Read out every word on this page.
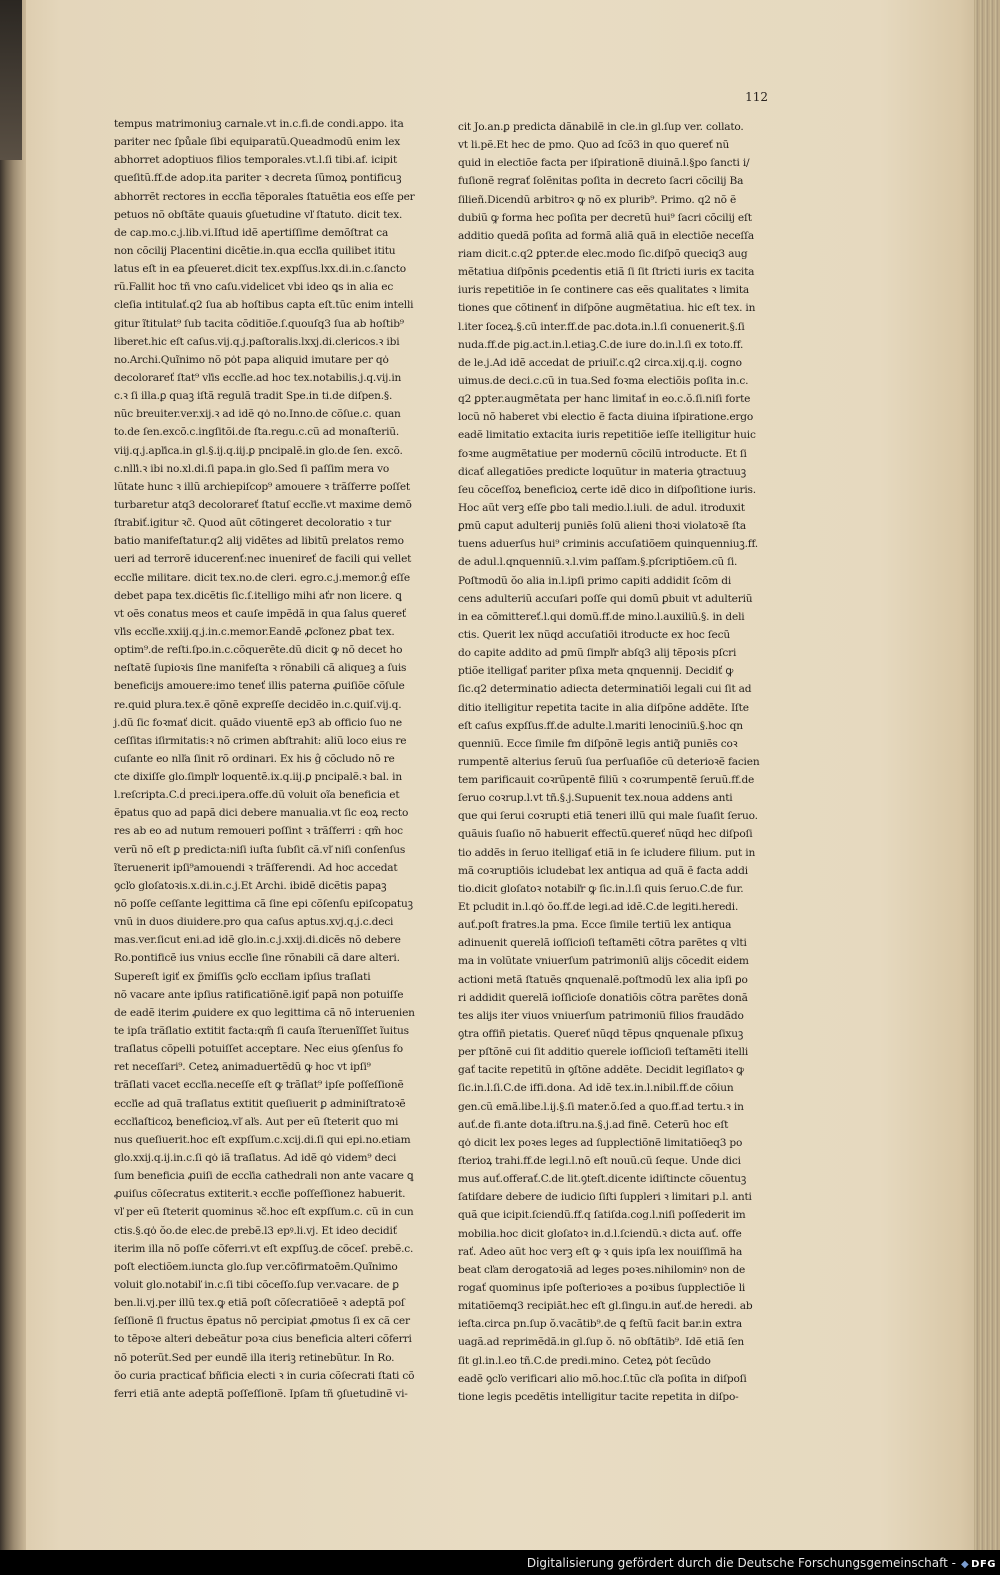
112
tempus matrimoniuꝫ carnale.vt in.c.fi.de condi.appo. ita
pariter nec ſpůale ſibi equiparatũ.Queadmodũ enim lex
abhorret adoptiuos filios temporales.vt.l.ſi tibi.af. icipit
queſitũ.ff.de adop.ita pariter ꝛ decreta ſũmoꝝ pontificuꝫ
abhorrẽt rectores in eccľia tẽporales ſtatuẽtia eos eſſe per
petuos nõ obſtãte quauis ꝯſuetudine vľ ſtatuto. dicit tex.
de cap.mo.c.j.lib.vi.Iſtud idẽ apertiſſime demõſtrat ca
non cõcilij Placentini dicẽtie.in.qua eccľia quilibet ititu
latus eſt in ea ꝑſeueret.dicit tex.expſſus.lxx.di.in.c.ſancto
rũ.Fallit hoc tñ vno caſu.videlicet vbi ideo ꝗs in alia ec
cleſia intitulať.q2 ſua ab hoſtibus capta eſt.tũc enim intelli
gitur ĩtitulat⁹ ſub tacita cõditiõe.ſ.quouſq3 ſua ab hoſtib⁹
liberet.hic eſt caſus.vij.q.j.paſtoralis.lxxj.di.clericos.ꝛ ibi
no.Archi.Quĩnimo nõ pȯt papa aliquid imutare per qȯ
decolorareť ſtat⁹ vľis eccľie.ad hoc tex.notabilis.j.q.vij.in
c.ꝛ ſi illa.ꝑ quaꝫ iſtã regulã tradit Spe.in ti.de diſpen.§.
nũc breuiter.ver.xij.ꝛ ad idẽ qȯ no.Inno.de cõſue.c. quan
to.de ſen.excõ.c.ingſitõi.de ſta.regu.c.cũ ad monaſteriũ.
viij.q.j.apľica.in gl.§.ij.q.iij.ꝑ pncipalẽ.in glo.de ſen. excõ.
c.nlľi.ꝛ ibi no.xl.di.ſi papa.in glo.Sed ſi paſſim mera vo
lũtate hunc ꝛ illũ archiepiſcop⁹ amouere ꝛ trãſferre poſſet
turbaretur atq3 decolorareť ſtatuſ eccľie.vt maxime demõ
ſtrabiť.igitur ꝛc̃. Quod aũt cõtingeret decoloratio ꝛ tur
batio manifeſtatur.q2 alij vidẽtes ad libitũ prelatos remo
ueri ad terrorẽ iducerenť:nec inuenireť de facili qui vellet
eccľie militare. dicit tex.no.de cleri. egro.c.j.memor.ĝ eſſe
debet papa tex.dicẽtis ſic.ſ.itelligo mihi aťr non licere. ꝗ
vt oẽs conatus meos et cauſe impẽdã in qua ſalus quereť
vľis eccľie.xxiij.q.j.in.c.memor.Eandẽ ꝓcľonez ꝑbat tex.
optim⁹.de reſti.ſpo.in.c.cõquerẽte.dũ dicit ꝙ nõ decet ho
neſtatẽ ſupioꝛis ſine manifeſta ꝛ rõnabili cã aliqueꝫ a ſuis
beneficijs amouere:imo teneť illis paterna ꝓuiſiõe cõſule
re.quid plura.tex.ẽ qõnẽ expreſſe decidẽo in.c.ꝗuiſ.vij.q.
j.dũ ſic foꝛmať dicit. quãdo viuentẽ ep3 ab officio ſuo ne
ceſſitas iſirmitatis:ꝛ nõ crimen abſtrahit: aliũ loco eius re
cuſante eo nlľa ſinit rõ ordinari. Ex his ĝ cõcludo nõ re
cte dixiſſe glo.ſimpľr loquentẽ.ix.q.iij.ꝑ pncipalẽ.ꝛ bal. in
l.reſcripta.C.ḋ preci.ipera.offe.dũ voluit oĩa beneficia et
ẽpatus quo ad papã dici debere manualia.vt ſic eoꝝ recto
res ab eo ad nutum remoueri poſſint ꝛ trãſferri : qm̃ hoc
verũ nõ eſt ꝑ predicta:niſi iuſta ſubſit cã.vľ niſi conſenſus
ĩteruenerit ipſi⁹amouendi ꝛ trãſferendi. Ad hoc accedat
ꝯcľo gloſatoꝛis.x.di.in.c.j.Et Archi. ibidẽ dicẽtis papaꝫ
nõ poſſe ceſſante legittima cã ſine epi cõſenſu epiſcopatuꝫ
vnũ in duos diuidere.pro qua caſus aptus.xvj.q.j.c.deci
mas.ver.ſicut eni.ad idẽ glo.in.c.j.xxij.di.dicẽs nõ debere
Ro.pontificẽ ius vnius eccľie ſine rõnabili cã dare alteri.
Supereſt igiť ex p̃miſſis ꝯcľo eccľiam ipſius traſlati
nõ vacare ante ipſius ratificatiõnẽ.igiť papã non potuiſſe
de eadẽ iterim ꝓuidere ex quo legittima cã nõ interuenien
te ipſa trãſlatio extitit facta:qm̃ ſi cauſa ĩteruenĩſſet ĩuitus
traſlatus cõpelli potuiſſet acceptare. Nec eius ꝯſenſus fo
ret neceſſari⁹. Ceteꝝ animaduertẽdũ ꝙ hoc vt ipſi⁹
trãſlati vacet eccľia.neceſſe eſt ꝙ trãſlat⁹ ipſe poſſeſſionẽ
eccľie ad quã traſlatus extitit queſiuerit ꝑ adminiſtratoꝛẽ
eccľiaſticoꝝ beneficioꝝ.vľ aľs. Aut per eũ ſteterit quo mi
nus queſiuerit.hoc eſt expſſum.c.xcij.di.ſi qui epi.no.etiam
glo.xxij.q.ij.in.c.ſi qȯ iã traſlatus. Ad idẽ qȯ videm⁹ deci
ſum beneficia ꝓuiſi de eccľia cathedrali non ante vacare ꝗ
ꝓuiſus cõſecratus extiterit.ꝛ eccľie poſſeſſionez habuerit.
vľ per eũ ſteterit quominus ꝛc̃.hoc eſt expſſum.c. cũ in cun
ctis.§.qȯ ŏo.de elec.de prebẽ.l3 epꝰ.li.vj. Et ideo decidiť
iterim illa nõ poſſe cõferri.vt eſt expſſuꝫ.de cõceſ. prebẽ.c.
poſt electiõem.iuncta glo.ſup ver.cõfirmatoẽm.Quĩnimo
voluit glo.notabiľ in.c.ſi tibi cõceſſo.ſup ver.vacare. de ꝑ
ben.li.vj.per illũ tex.ꝙ etiã poſt cõſecratiõeẽ ꝛ adeptã poſ
ſeſſionẽ ſi fructus ẽpatus nõ percipiat ꝓmotus ſi ex cã cer
to tẽpoꝛe alteri debeãtur poꝛa cius beneficia alteri cõferri
nõ poterũt.Sed per eundẽ illa iteriꝫ retinebũtur. In Ro.
ŏo curia practicať bñficia electi ꝛ in curia cõſecrati ſtati cõ
ferri etiã ante adeptã poſſeſſionẽ. Ipſam tñ ꝯſuetudinẽ vi-
cit Jo.an.ꝑ predicta dãnabilẽ in cle.in gl.ſup ver. collato.
vt li.pẽ.Et hec de pmo. Quo ad ſcõ3 in quo quereť nũ
quid in electiõe facta per iſpirationẽ diuinã.l.§po ſancti i/
fuſionẽ regrať ſolẽnitas poſita in decreto ſacri cõcilij Ba
ſilieñ.Dicendũ arbitroꝛ ꝙ nõ ex plurib⁹. Primo. q2 nõ ẽ
dubiũ ꝙ forma hec poſita per decretũ hui⁹ ſacri cõcilij eſt
additio quedã poſita ad formã aliã quã in electiõe neceſſa
riam dicit.c.q2 ꝑpter.de elec.modo ſic.diſpõ queciq3 aug
mẽtatiua diſpõnis ꝑcedentis etiã ſi ſit ſtricti iuris ex tacita
iuris repetitiõe in ſe continere cas eẽs qualitates ꝛ limita
tiones que cõtinenť in diſpõne augmẽtatiua. hic eſt tex. in
l.iter ſoceꝝ.§.cũ inter.ff.de pac.dota.in.l.ſi conuenerit.§.ſi
nuda.ff.de pig.act.in.l.etiaꝫ.C.de iure do.in.l.ſi ex toto.ff.
de le.j.Ad idẽ accedat de priuiľ.c.q2 circa.xij.q.ij. cogno
uimus.de deci.c.cũ in tua.Sed foꝛma electiõis poſita in.c.
q2 ꝑpter.augmẽtata per hanc limitať in eo.c.ŏ.ſi.niſi forte
locũ nõ haberet vbi electio ẽ facta diuina iſpiratione.ergo
eadẽ limitatio extacita iuris repetitiõe ieſſe itelligitur huic
foꝛme augmẽtatiue per modernũ cõcilũ introducte. Et ſi
dicať allegatiões predicte loquũtur in materia ꝯtractuuꝫ
ſeu cõceſſoꝝ beneficioꝝ certe idẽ dico in diſpoſitione iuris.
Hoc aũt verꝫ eſſe ꝑbo tali medio.l.iuli. de adul. itroduxit
ꝑmũ caput adulterij puniẽs ſolũ alieni thoꝛi violatoꝛẽ ſta
tuens aduerſus hui⁹ criminis accuſatiõem quinquenniuꝫ.ff.
de adul.l.qnquenniũ.ꝛ.l.vim paſſam.§.pſcriptiõem.cũ ſi.
Poſtmodũ ŏo alia in.l.ipſi primo capiti addidit ſcõm di
cens adulteriũ accuſari poſſe qui domũ ꝑbuit vt adulteriũ
in ea cõmittereť.l.qui domũ.ff.de mino.l.auxiliũ.§. in deli
ctis. Querit lex nũqd accuſatiõi itroducte ex hoc ſecũ
do capite addito ad ꝑmũ ſimpľr abſq3 alij tẽpoꝛis pſcri
ptiõe itelligať pariter pſixa meta qnquennij. Decidiť ꝙ
ſic.q2 determinatio adiecta determinatiõi legali cui ſit ad
ditio itelligitur repetita tacite in alia diſpõne addẽte. Iſte
eſt caſus expſſus.ff.de adulte.l.mariti lenociniũ.§.hoc qn
quenniũ. Ecce ſimile fm diſpõnẽ legis antiq̃ puniẽs coꝛ
rumpentẽ alterius ſeruũ ſua perſuaſiõe cũ deterioꝛẽ facien
tem parificauit coꝛrũpentẽ filiũ ꝛ coꝛrumpentẽ ſeruũ.ff.de
ſeruo coꝛrup.l.vt tñ.§.j.Supuenit tex.noua addens anti
que qui ſerui coꝛrupti etiã teneri illũ qui male ſuaſit ſeruo.
quãuis ſuaſio nõ habuerit effectũ.quereť nũqd hec diſpoſi
tio addẽs in ſeruo itelligať etiã in ſe icludere filium. put in
mã coꝛruptiõis icludebat lex antiqua ad quã ẽ facta addi
tio.dicit gloſatoꝛ notabiľr ꝙ ſic.in.l.ſi quis ſeruo.C.de fur.
Et pcludit in.l.qȯ ŏo.ff.de legi.ad idẽ.C.de legiti.heredi.
auť.poſt fratres.la pma. Ecce ſimile tertiũ lex antiqua
adinuenit querelã ioſſicioſi teſtamẽti cõtra parẽtes q vlti
ma in volũtate vniuerſum patrimoniũ alijs cõcedit eidem
actioni metã ſtatuẽs qnquenalẽ.poſtmodũ lex alia ipſi ꝑo
ri addidit querelã ioſſicioſe donatiõis cõtra parẽtes donã
tes alijs iter viuos vniuerſum patrimoniũ filios fraudãdo
ꝯtra offiñ pietatis. Quereť nũqd tẽpus qnquenale pſixuꝫ
per pſtõnẽ cui ſit additio querele ioſſicioſi teſtamẽti itelli
gať tacite repetitũ in ꝯſtõne addẽte. Decidit legiſlatoꝛ ꝙ
ſic.in.l.ſi.C.de iffi.dona. Ad idẽ tex.in.l.nibil.ff.de cõiun
gen.cũ emã.libe.l.ij.§.ſi mater.ŏ.ſed a quo.ff.ad tertu.ꝛ in
auť.de fi.ante dota.iſtru.na.§.j.ad finẽ. Ceterũ hoc eſt
qȯ dicit lex poꝛes leges ad ſupplectiõnẽ limitatiõeq3 po
ſterioꝝ trahi.ff.de legi.l.nõ eſt nouũ.cũ ſeque. Unde dici
mus auť.offerať.C.de lit.ꝯteſt.dicente idiſtincte cõuentuꝫ
ſatiſdare debere de iudicio ſiſti ſuppleri ꝛ limitari p.l. anti
quã que icipit.ſciendũ.ff.q ſatiſda.cog.l.niſi poſſederit im
mobilia.hoc dicit gloſatoꝛ in.d.l.ſciendũ.ꝛ dicta auť. offe
rať. Adeo aũt hoc verꝫ eſt ꝙ ꝛ ꝗuis ipſa lex nouiſſimã ha
beat cľam derogatoꝛiã ad leges poꝛes.nihilominꝰ non de
rogať quominus ipſe poſterioꝛes a poꝛibus ſupplectiõe li
mitatiõemq3 recipiãt.hec eſt gl.ſingu.in auť.de heredi. ab
ieſta.circa pn.ſup ŏ.vacãtib⁹.de ꝗ feſtũ facit bar.in extra
uagã.ad reprimẽdã.in gl.ſup ŏ. nõ obſtãtib⁹. Idẽ etiã ſen
ſit gl.in.l.eo tñ.C.de predi.mino. Ceteꝝ pȯt ſecũdo
eadẽ ꝯcľo verificari alio mõ.hoc.ſ.tũc cľa poſita in diſpoſi
tione legis pcedẽtis intelligitur tacite repetita in diſpo-
Digitalisierung gefördert durch die Deutsche Forschungsgemeinschaft - ◆ DFG
